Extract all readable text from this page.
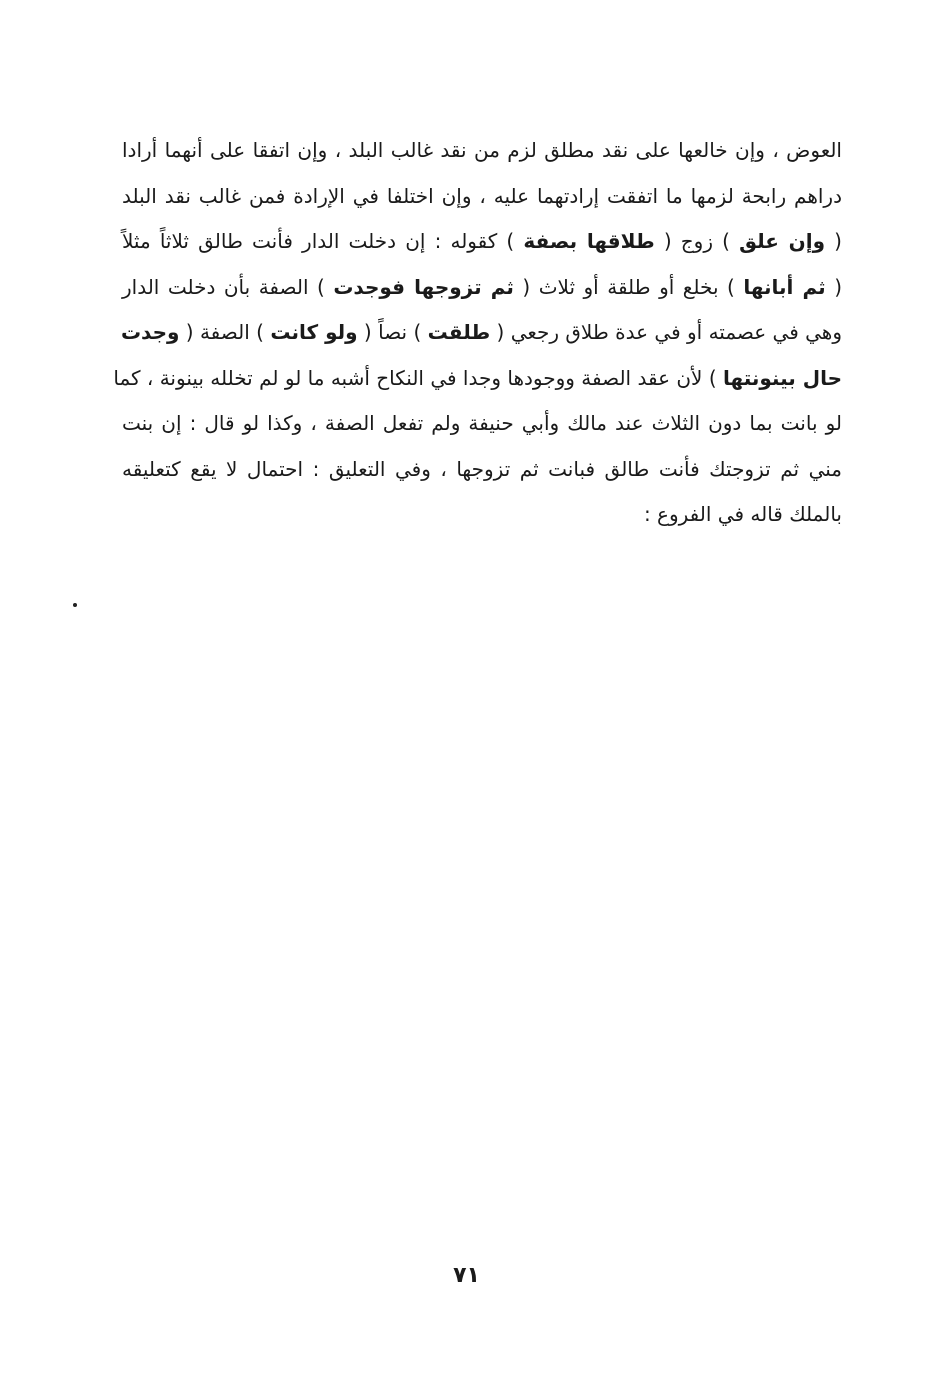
العوض ، وإن خالعها على نقد مطلق لزم من نقد غالب البلد ، وإن اتفقا على أنهما أرادا
دراهم رابحة لزمها ما اتفقت إرادتهما عليه ، وإن اختلفا في الإرادة فمن غالب نقد البلد
( وإن علق ) زوج ( طلاقها بصفة ) كقوله : إن دخلت الدار فأنت طالق ثلاثاً مثلاً
( ثم أبانها ) بخلع أو طلقة أو ثلاث ( ثم تزوجها فوجدت ) الصفة بأن دخلت الدار
وهي في عصمته أو في عدة طلاق رجعي ( طلقت ) نصاً ( ولو كانت ) الصفة ( وجدت
حال بينونتها ) لأن عقد الصفة ووجودها وجدا في النكاح أشبه ما لو لم تخلله بينونة ، كما
لو بانت بما دون الثلاث عند مالك وأبي حنيفة ولم تفعل الصفة ، وكذا لو قال : إن بنت
مني ثم تزوجتك فأنت طالق فبانت ثم تزوجها ، وفي التعليق : احتمال لا يقع كتعليقه
بالملك قاله في الفروع :
٧١
